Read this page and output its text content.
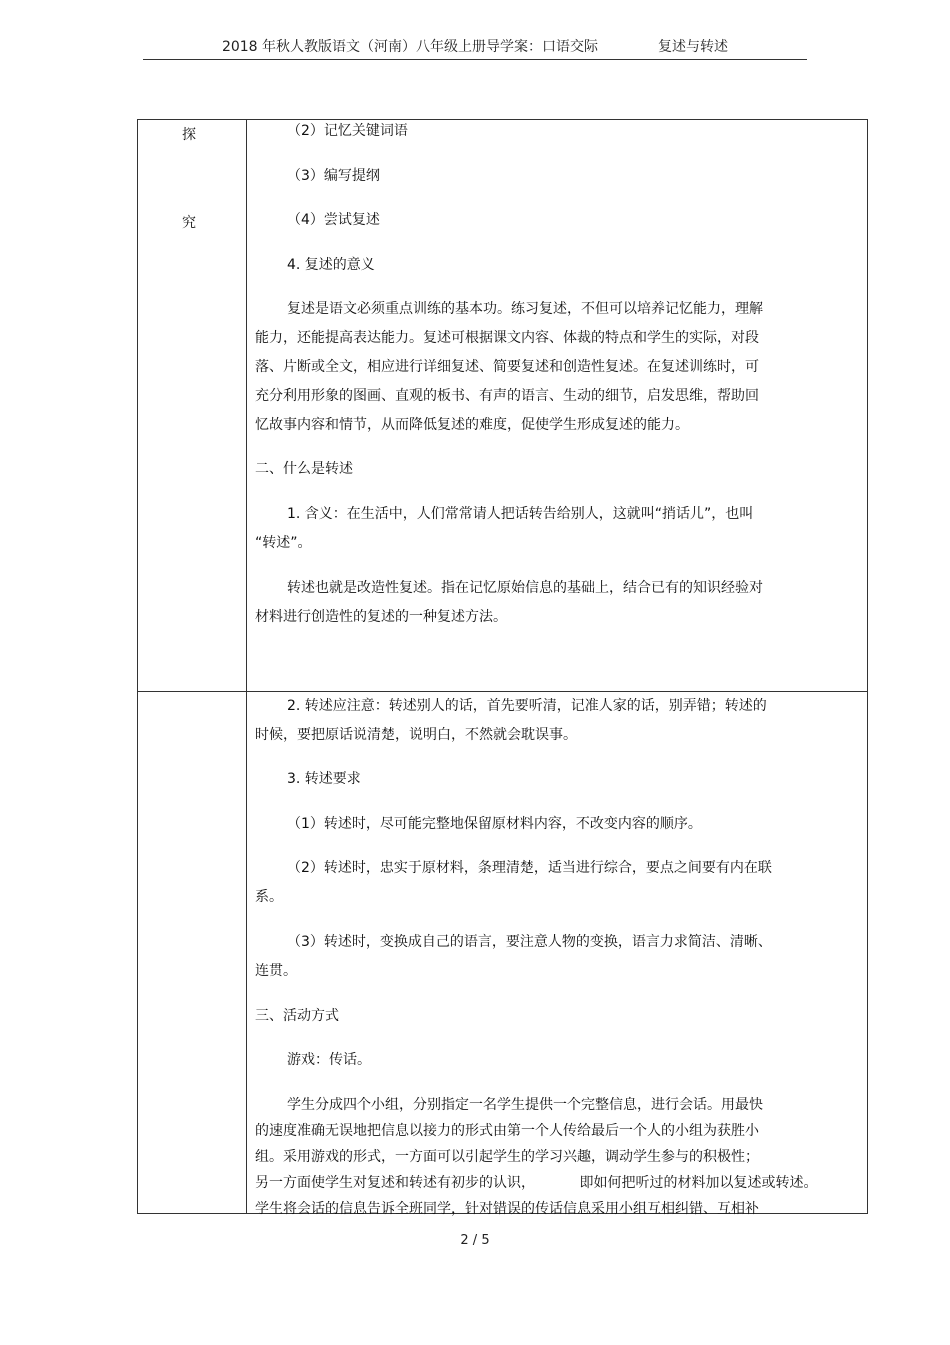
2018 年秋人教版语文（河南）八年级上册导学案：口语交际	复述与转述
探
究
（2）记忆关键词语
（3）编写提纲
（4）尝试复述
4. 复述的意义
复述是语文必须重点训练的基本功。练习复述，不但可以培养记忆能力，理解
能力，还能提高表达能力。复述可根据课文内容、体裁的特点和学生的实际，对段
落、片断或全文，相应进行详细复述、简要复述和创造性复述。在复述训练时，可
充分利用形象的图画、直观的板书、有声的语言、生动的细节，启发思维，帮助回
忆故事内容和情节，从而降低复述的难度，促使学生形成复述的能力。
二、什么是转述
1. 含义：在生活中，人们常常请人把话转告给别人，这就叫“捎话儿”，也叫
“转述”。
转述也就是改造性复述。指在记忆原始信息的基础上，结合已有的知识经验对
材料进行创造性的复述的一种复述方法。
2. 转述应注意：转述别人的话，首先要听清，记准人家的话，别弄错；转述的
时候，要把原话说清楚，说明白，不然就会耽误事。
3. 转述要求
（1）转述时，尽可能完整地保留原材料内容，不改变内容的顺序。
（2）转述时，忠实于原材料，条理清楚，适当进行综合，要点之间要有内在联
系。
（3）转述时，变换成自己的语言，要注意人物的变换，语言力求简洁、清晰、
连贯。
三、活动方式
游戏：传话。
学生分成四个小组，分别指定一名学生提供一个完整信息，进行会话。用最快
的速度准确无误地把信息以接力的形式由第一个人传给最后一个人的小组为获胜小
组。采用游戏的形式，一方面可以引起学生的学习兴趣，调动学生参与的积极性；
另一方面使学生对复述和转述有初步的认识，          即如何把听过的材料加以复述或转述。
学生将会话的信息告诉全班同学，针对错误的传话信息采用小组互相纠错、互相补
2 / 5
